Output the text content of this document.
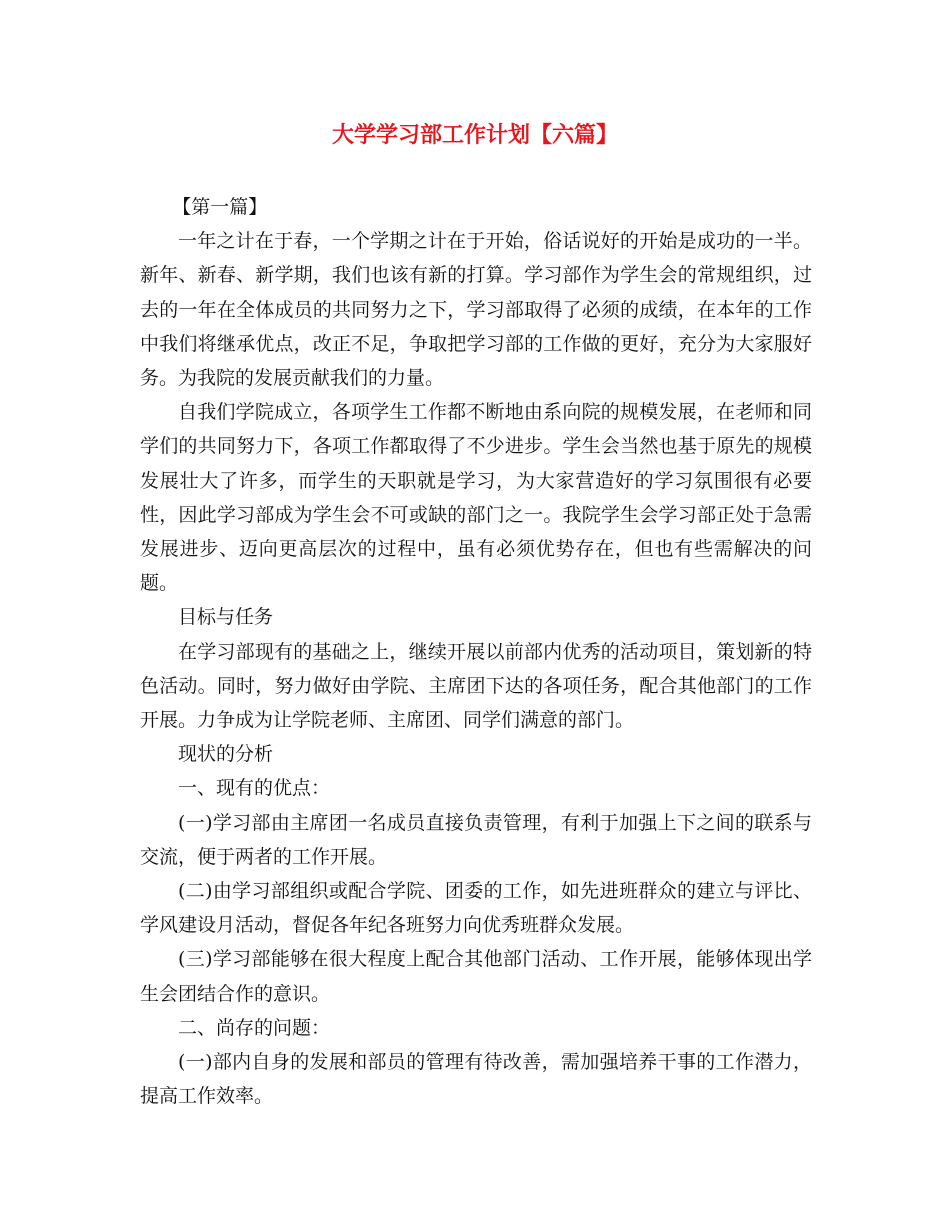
大学学习部工作计划【六篇】

【第一篇】

一年之计在于春，一个学期之计在于开始，俗话说好的开始是成功的一半。新年、新春、新学期，我们也该有新的打算。学习部作为学生会的常规组织，过去的一年在全体成员的共同努力之下，学习部取得了必须的成绩，在本年的工作中我们将继承优点，改正不足，争取把学习部的工作做的更好，充分为大家服好务。为我院的发展贡献我们的力量。

自我们学院成立，各项学生工作都不断地由系向院的规模发展，在老师和同学们的共同努力下，各项工作都取得了不少进步。学生会当然也基于原先的规模发展壮大了许多，而学生的天职就是学习，为大家营造好的学习氛围很有必要性，因此学习部成为学生会不可或缺的部门之一。我院学生会学习部正处于急需发展进步、迈向更高层次的过程中，虽有必须优势存在，但也有些需解决的问题。

目标与任务

在学习部现有的基础之上，继续开展以前部内优秀的活动项目，策划新的特色活动。同时，努力做好由学院、主席团下达的各项任务，配合其他部门的工作开展。力争成为让学院老师、主席团、同学们满意的部门。

现状的分析

一、现有的优点：

(一)学习部由主席团一名成员直接负责管理，有利于加强上下之间的联系与交流，便于两者的工作开展。

(二)由学习部组织或配合学院、团委的工作，如先进班群众的建立与评比、学风建设月活动，督促各年纪各班努力向优秀班群众发展。

(三)学习部能够在很大程度上配合其他部门活动、工作开展，能够体现出学生会团结合作的意识。

二、尚存的问题：

(一)部内自身的发展和部员的管理有待改善，需加强培养干事的工作潜力，提高工作效率。
